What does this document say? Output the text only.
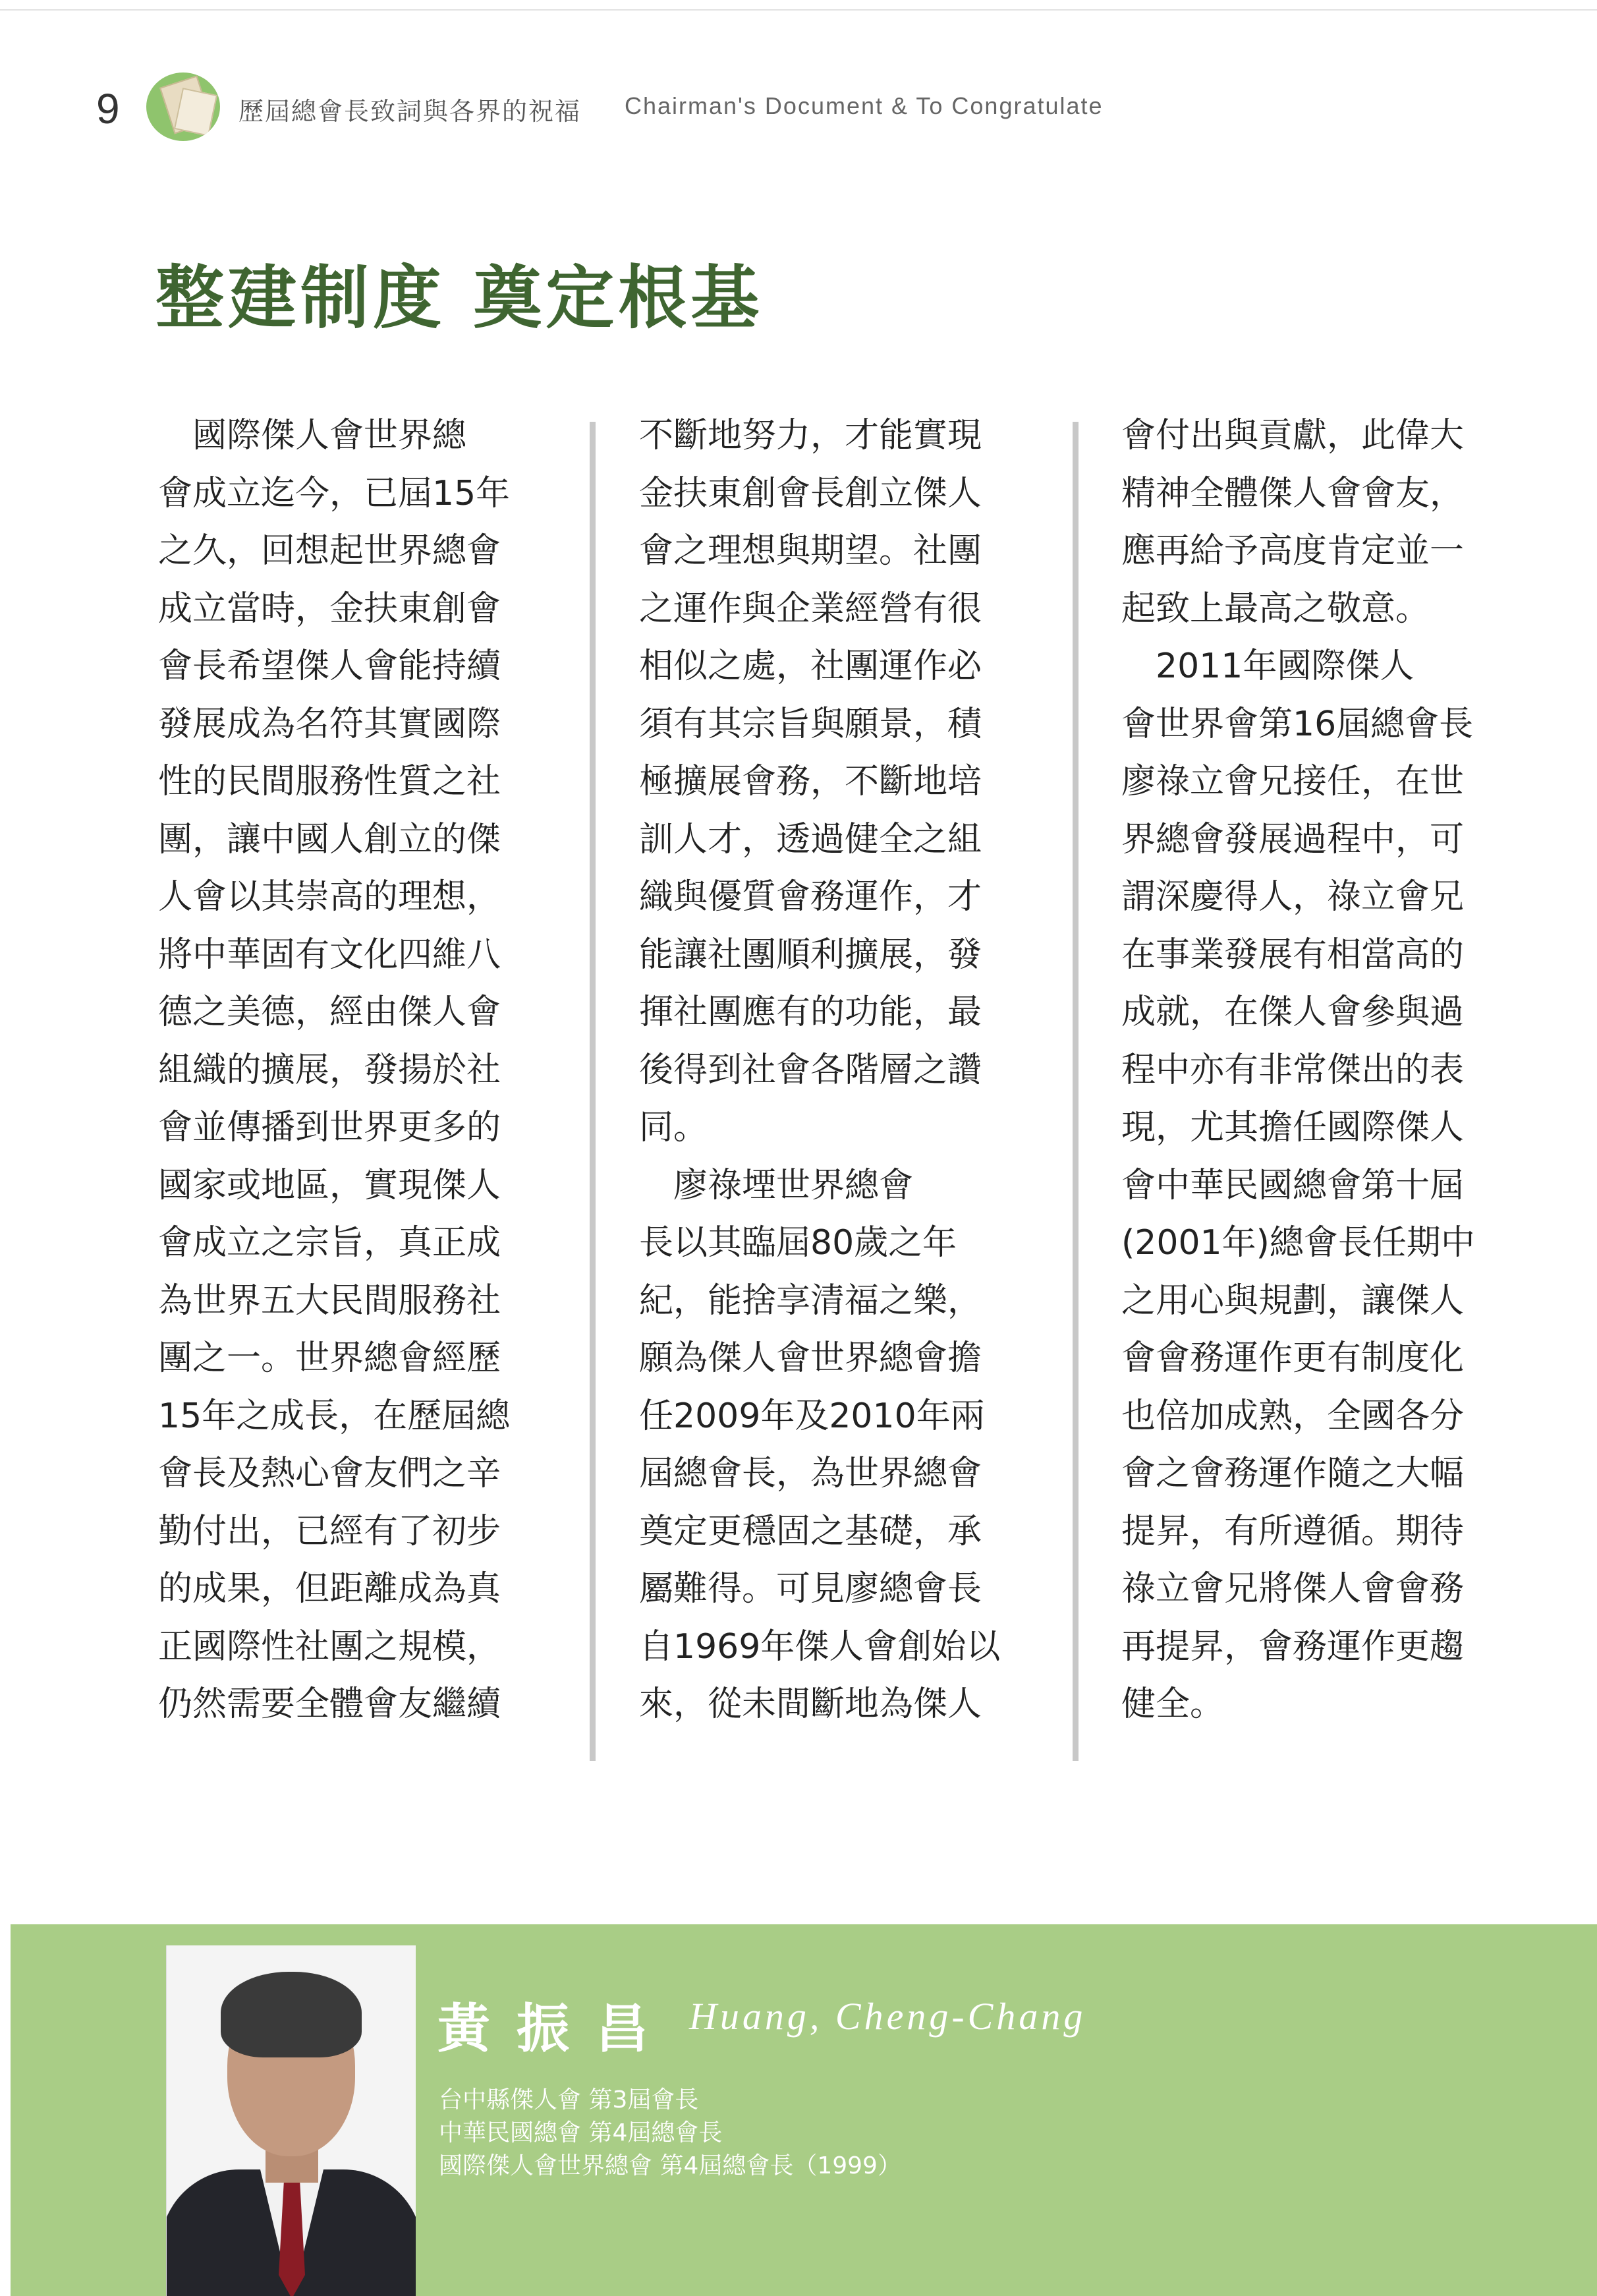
9	歷屆總會長致詞與各界的祝福 Chairman's Document & To Congratulate
整建制度 奠定根基

　國際傑人會世界總

會成立迄今，已屆15年

之久，回想起世界總會

成立當時，金扶東創會

會長希望傑人會能持續

發展成為名符其實國際

性的民間服務性質之社

團，讓中國人創立的傑

人會以其崇高的理想，

將中華固有文化四維八

德之美德，經由傑人會

組織的擴展，發揚於社

會並傳播到世界更多的

國家或地區，實現傑人

會成立之宗旨，真正成

為世界五大民間服務社

團之一。世界總會經歷

15年之成長，在歷屆總

會長及熱心會友們之辛

勤付出，已經有了初步

的成果，但距離成為真

正國際性社團之規模，

仍然需要全體會友繼續

不斷地努力，才能實現

金扶東創會長創立傑人

會之理想與期望。社團

之運作與企業經營有很

相似之處，社團運作必

須有其宗旨與願景，積

極擴展會務，不斷地培

訓人才，透過健全之組

織與優質會務運作，才

能讓社團順利擴展，發

揮社團應有的功能，最

後得到社會各階層之讚

同。

　廖祿堙世界總會

長以其臨屆80歲之年

紀，能捨享清福之樂，

願為傑人會世界總會擔

任2009年及2010年兩

屆總會長，為世界總會

奠定更穩固之基礎，承

屬難得。可見廖總會長

自1969年傑人會創始以

來，從未間斷地為傑人

會付出與貢獻，此偉大

精神全體傑人會會友，

應再給予高度肯定並一

起致上最高之敬意。

　2011年國際傑人

會世界會第16屆總會長

廖祿立會兄接任，在世

界總會發展過程中，可

謂深慶得人，祿立會兄

在事業發展有相當高的

成就，在傑人會參與過

程中亦有非常傑出的表

現，尤其擔任國際傑人

會中華民國總會第十屆

(2001年)總會長任期中

之用心與規劃，讓傑人

會會務運作更有制度化

也倍加成熟，全國各分

會之會務運作隨之大幅

提昇，有所遵循。期待

祿立會兄將傑人會會務

再提昇，會務運作更趨

健全。

黃振昌 Huang, Cheng-Chang
台中縣傑人會 第3屆會長
中華民國總會 第4屆總會長
國際傑人會世界總會 第4屆總會長（1999）
